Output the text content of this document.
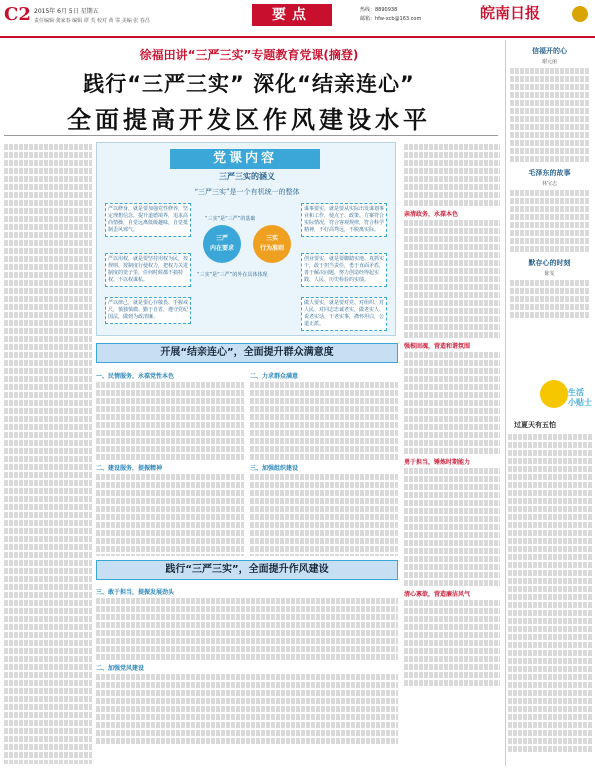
C2 2015年 6月 5日 星期五
责任编辑 龚家春 编辑 谭 芙 校对 黄 霏 美编 张 春昌	要点	热线：8890938
邮箱：hfw-xcb@163.com	皖南日报
徐福田讲“三严三实”专题教育党课(摘登)
践行“三严三实” 深化“结亲连心”
全面提高开发区作风建设水平
党课内容
三严三实的涵义
“三严三实”是一个有机统一的整体
严以修身，就是要加强党性修养，坚定理想信念，提升道德境界，追求高尚情操，自觉远离低级趣味，自觉抵制歪风邪气。
谋事要实，就是要从实际出发谋划事业和工作，使点子、政策、方案符合实际情况，符合客观规律，符合科学精神，不好高骛远，不脱离实际。
严以用权，就是要坚持用权为民，按规则、按制度行使权力，把权力关进制度的笼子里，任何时候都不搞特权、不以权谋私。
创业要实，就是要脚踏实地、真抓实干，敢于担当责任，勇于直面矛盾，善于解决问题，努力创造经得起实践、人民、历史检验的实绩。
严以律己，就是要心存敬畏、手握戒尺，慎独慎微、勤于自省，遵守党纪国法，做到为政清廉。
做人要实，就是要对党、对组织、对人民、对同志忠诚老实，做老实人、说老实话、干老实事，襟怀坦白，公道正派。
三严
内在要求
三实
行为准则
“三实”是“三严”的基础
“三实”是“三严”的外在具体体现
开展“结亲连心”，全面提升群众满意度
一、民情服务，永葆党性本色
二、建设服务，提振精神
二、力求群众满意
三、加强组织建设
践行“三严三实”，全面提升作风建设
三、敢于担当，提振发展劲头
二、加强党风建设
亲清政务，永葆本色
强根固魂，营造和谐氛围
勇于担当，锤炼时期能力
清心寡欲，营造廉洁风气
信福开的心
谢元丽
毛泽东的故事
林宝志
默存心的时刻
陈雯
生活
小贴士
过夏天有五怕
